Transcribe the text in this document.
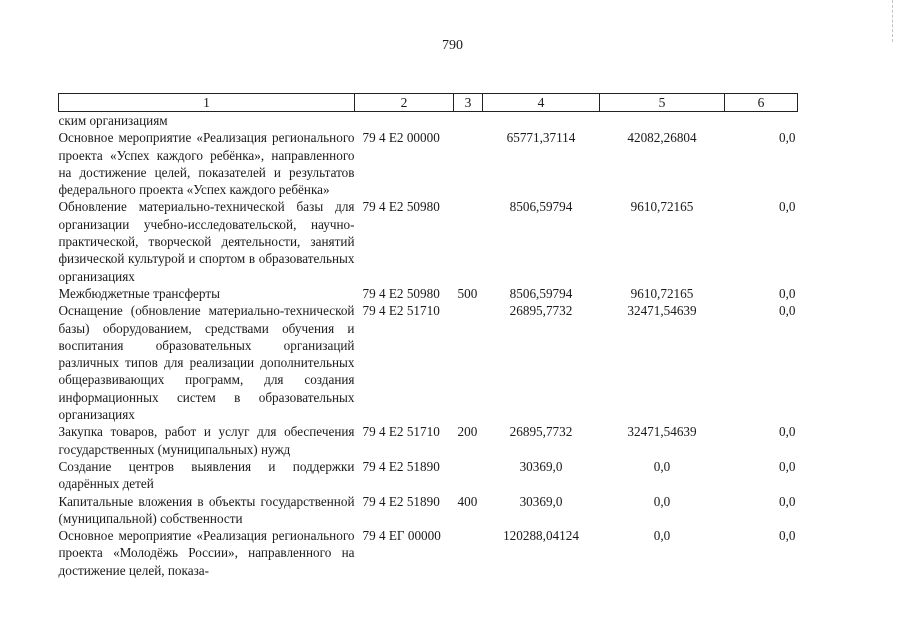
790
1	2	3	4	5	6

ским организациям					

Основное мероприятие «Реализация регионального проекта «Успех каждого ребёнка», направленного на достижение целей, показателей и результатов федерального проекта «Успех каждого ребёнка»	79 4 Е2 00000		65771,37114	42082,26804	0,0

Обновление материально-технической базы для организации учебно-исследовательской, научно-практической, творческой деятельности, занятий физической культурой и спортом в образовательных организациях	79 4 Е2 50980		8506,59794	9610,72165	0,0

Межбюджетные трансферты	79 4 Е2 50980	500	8506,59794	9610,72165	0,0

Оснащение (обновление материально-технической базы) оборудованием, средствами обучения и воспитания образовательных организаций различных типов для реализации дополнительных общеразвивающих программ, для создания информационных систем в образовательных организациях	79 4 Е2 51710		26895,7732	32471,54639	0,0

Закупка товаров, работ и услуг для обеспечения государственных (муниципальных) нужд	79 4 Е2 51710	200	26895,7732	32471,54639	0,0

Создание центров выявления и поддержки одарённых детей	79 4 Е2 51890		30369,0	0,0	0,0

Капитальные вложения в объекты государственной (муниципальной) собственности	79 4 Е2 51890	400	30369,0	0,0	0,0

Основное мероприятие «Реализация регионального проекта «Молодёжь России», направленного на достижение целей, показа-	79 4 ЕГ 00000		120288,04124	0,0	0,0
